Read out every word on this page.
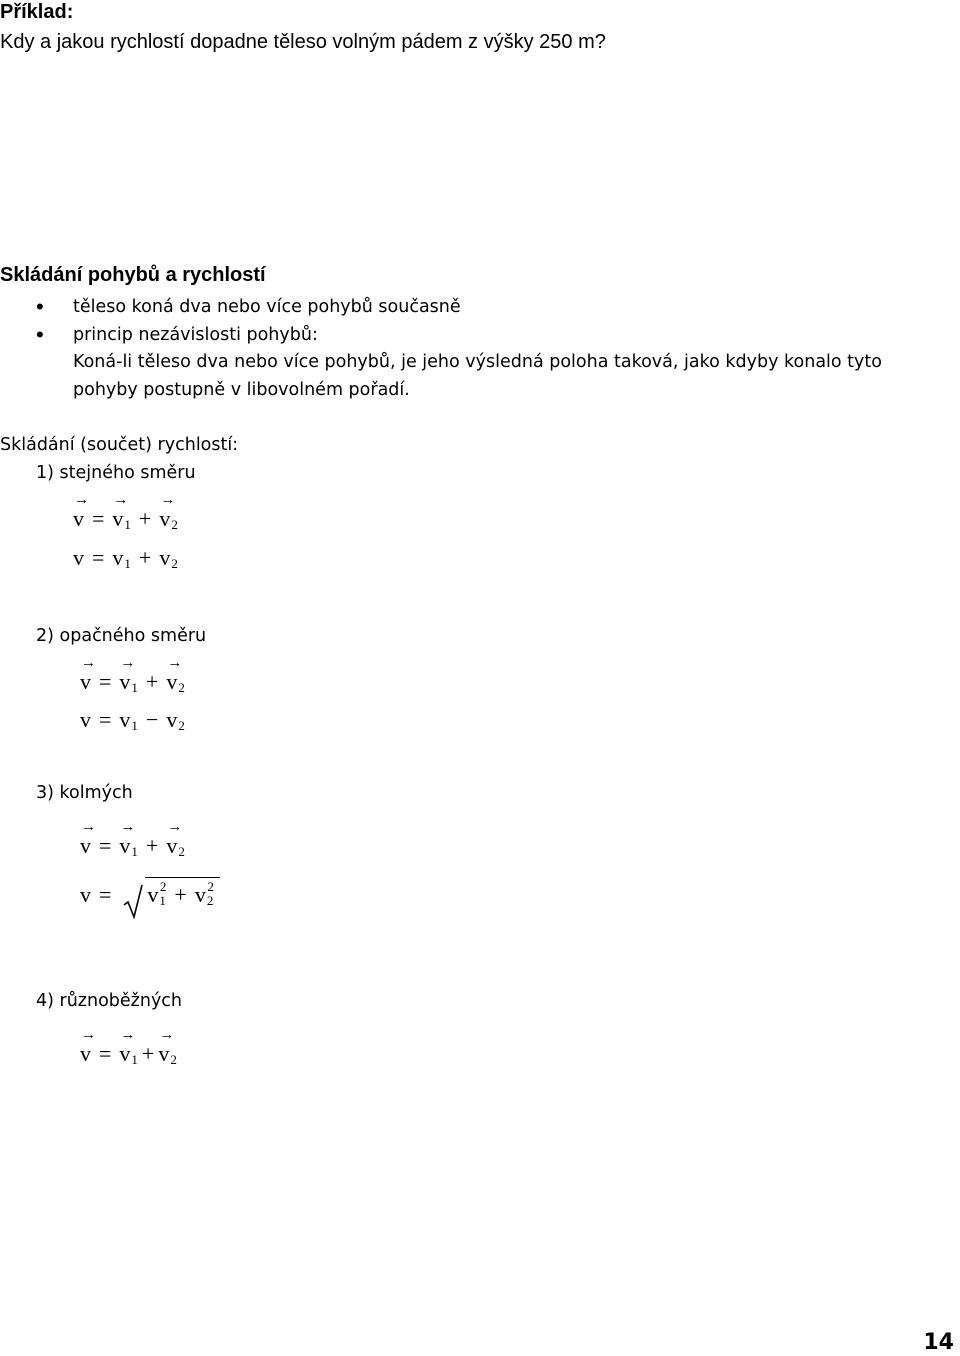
Příklad:
Kdy a jakou rychlostí dopadne těleso volným pádem z výšky 250 m?
Skládání pohybů a rychlostí
• těleso koná dva nebo více pohybů současně
• princip nezávislosti pohybů:
Koná-li těleso dva nebo více pohybů, je jeho výsledná poloha taková, jako kdyby konalo tyto
pohyby postupně v libovolném pořadí.
Skládání (součet) rychlostí:
1) stejného směru
→ v = → $v_1$ + → $v_2$
$v = v_1 + v_2$
2) opačného směru
→ v = → $v_1$ + → $v_2$
$v = v_1 - v_2$
3) kolmých
→ v = → $v_1$ + → $v_2$
$v = v_1$
$^2 + v_2$
$^2$
4) různoběžných
→ v = → $v_1$ + → $v_2$
14
